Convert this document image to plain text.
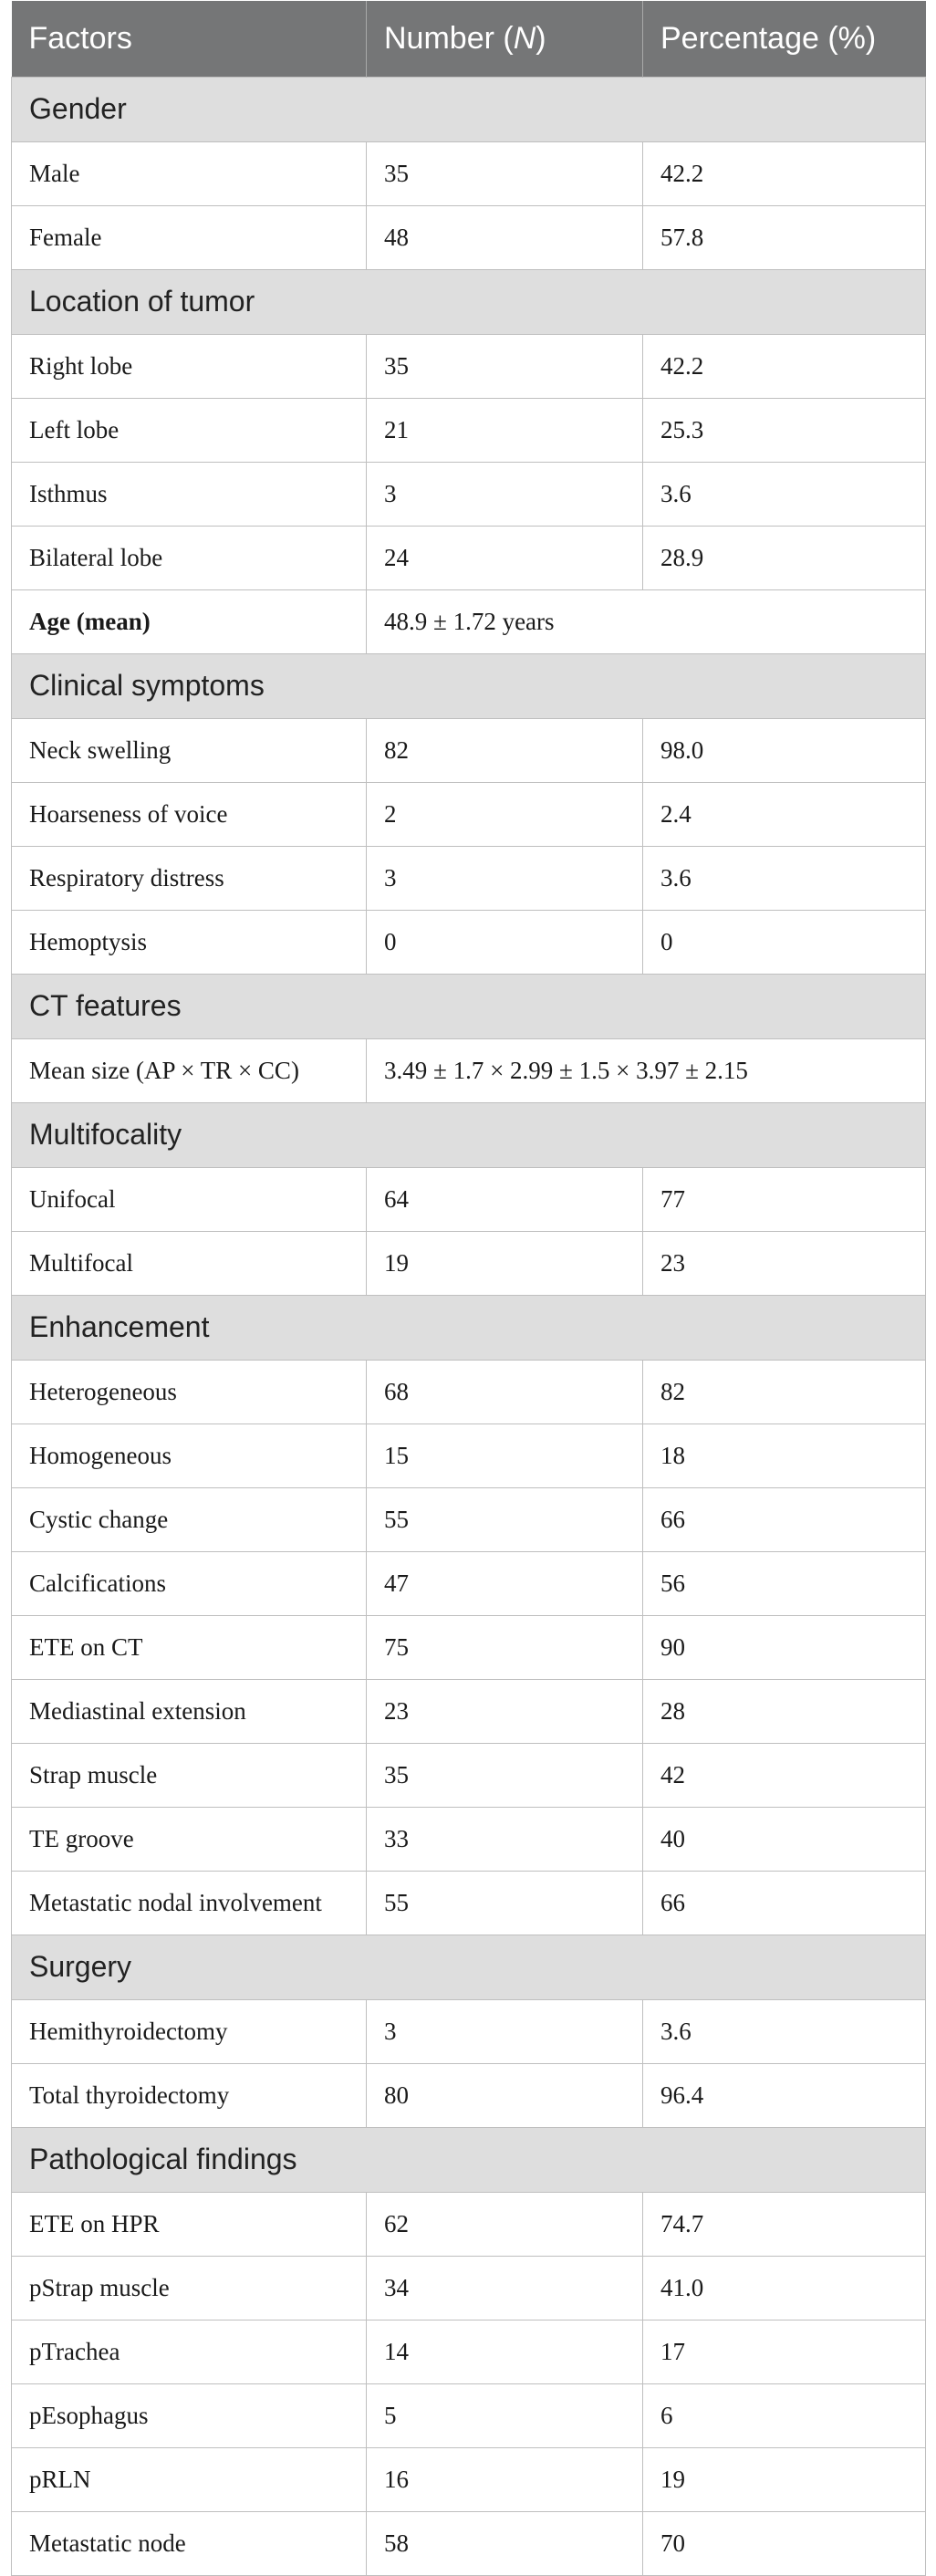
Factors	Number (N)	Percentage (%)
Gender		
Male	35	42.2
Female	48	57.8
Location of tumor		
Right lobe	35	42.2
Left lobe	21	25.3
Isthmus	3	3.6
Bilateral lobe	24	28.9
Age (mean)	48.9 ± 1.72 years	
Clinical symptoms		
Neck swelling	82	98.0
Hoarseness of voice	2	2.4
Respiratory distress	3	3.6
Hemoptysis	0	0
CT features		
Mean size (AP × TR × CC)	3.49 ± 1.7 × 2.99 ± 1.5 × 3.97 ± 2.15	
Multifocality		
Unifocal	64	77
Multifocal	19	23
Enhancement		
Heterogeneous	68	82
Homogeneous	15	18
Cystic change	55	66
Calcifications	47	56
ETE on CT	75	90
Mediastinal extension	23	28
Strap muscle	35	42
TE groove	33	40
Metastatic nodal involvement	55	66
Surgery		
Hemithyroidectomy	3	3.6
Total thyroidectomy	80	96.4
Pathological findings		
ETE on HPR	62	74.7
pStrap muscle	34	41.0
pTrachea	14	17
pEsophagus	5	6
pRLN	16	19
Metastatic node	58	70
